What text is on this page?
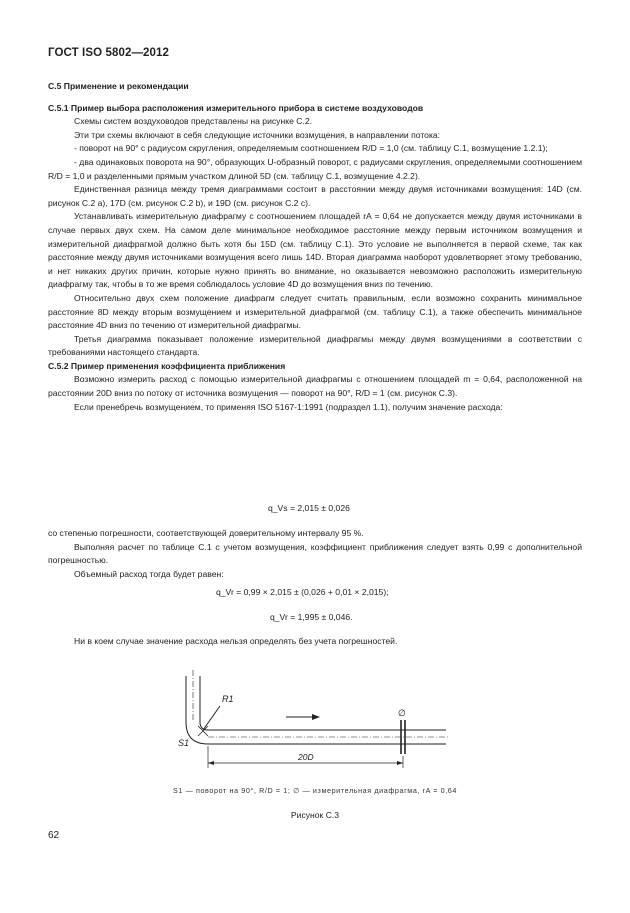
ГОСТ ISO 5802—2012

С.5 Применение и рекомендации

С.5.1 Пример выбора расположения измерительного прибора в системе воздуховодов

Схемы систем воздуховодов представлены на рисунке С.2.

Эти три схемы включают в себя следующие источники возмущения, в направлении потока:

- поворот на 90° с радиусом скругления, определяемым соотношением R/D = 1,0 (см. таблицу С.1, возмущение 1.2.1);

- два одинаковых поворота на 90°, образующих U-образный поворот, с радиусами скругления, определяемыми соотношением R/D = 1,0 и разделенными прямым участком длиной 5D (см. таблицу С.1, возмущение 4.2.2).

Единственная разница между тремя диаграммами состоит в расстоянии между двумя источниками возмущения: 14D (см. рисунок С.2 a), 17D (см. рисунок С.2 b), и 19D (см. рисунок С.2 с).

Устанавливать измерительную диафрагму с соотношением площадей rA = 0,64 не допускается между двумя источниками в случае первых двух схем. На самом деле минимальное необходимое расстояние между первым источником возмущения и измерительной диафрагмой должно быть хотя бы 15D (см. таблицу С.1). Это условие не выполняется в первой схеме, так как расстояние между двумя источниками возмущения всего лишь 14D. Вторая диаграмма наоборот удовлетворяет этому требованию, и нет никаких других причин, которые нужно принять во внимание, но оказывается невозможно расположить измерительную диафрагму так, чтобы в то же время соблюдалось условие 4D до возмущения вниз по течению.

Относительно двух схем положение диафрагм следует считать правильным, если возможно сохранить минимальное расстояние 8D между вторым возмущением и измерительной диафрагмой (см. таблицу С.1), а также обеспечить минимальное расстояние 4D вниз по течению от измерительной диафрагмы.

Третья диаграмма показывает положение измерительной диафрагмы между двумя возмущениями в соответствии с требованиями настоящего стандарта.

С.5.2 Пример применения коэффициента приближения

Возможно измерить расход с помощью измерительной диафрагмы с отношением площадей m = 0,64, расположенной на расстоянии 20D вниз по потоку от источника возмущения — поворот на 90°, R/D = 1 (см. рисунок С.3).

Если пренебречь возмущением, то применяя ISO 5167-1:1991 (подраздел 1.1), получим значение расхода:

q_Vs = 2,015 ± 0,026

со степенью погрешности, соответствующей доверительному интервалу 95 %.

Выполняя расчет по таблице С.1 с учетом возмущения, коэффициент приближения следует взять 0,99 с дополнительной погрешностью.

Объемный расход тогда будет равен:

q_Vr = 0,99 × 2,015 ± (0,026 + 0,01 × 2,015);
q_Vr = 1,995 ± 0,046.

Ни в коем случае значение расхода нельзя определять без учета погрешностей.

R1
S1
20D
∅
S1 — поворот на 90°, R/D = 1; ∅ — измерительная диафрагма, rA = 0,64
Рисунок С.3
62
